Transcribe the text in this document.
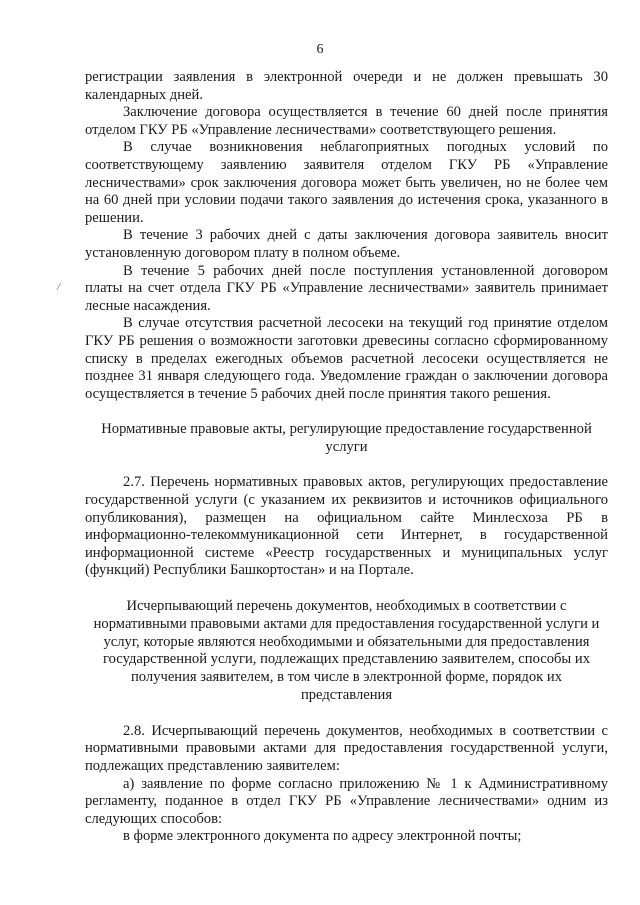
6
/

регистрации заявления в электронной очереди и не должен превышать 30 календарных дней.

Заключение договора осуществляется в течение 60 дней после принятия отделом ГКУ РБ «Управление лесничествами» соответствующего решения.

В случае возникновения неблагоприятных погодных условий по соответствующему заявлению заявителя отделом ГКУ РБ «Управление лесничествами» срок заключения договора может быть увеличен, но не более чем на 60 дней при условии подачи такого заявления до истечения срока, указанного в решении.

В течение 3 рабочих дней с даты заключения договора заявитель вносит установленную договором плату в полном объеме.

В течение 5 рабочих дней после поступления установленной договором платы на счет отдела ГКУ РБ «Управление лесничествами» заявитель принимает лесные насаждения.

В случае отсутствия расчетной лесосеки на текущий год принятие отделом ГКУ РБ решения о возможности заготовки древесины согласно сформированному списку в пределах ежегодных объемов расчетной лесосеки осуществляется не позднее 31 января следующего года. Уведомление граждан о заключении договора осуществляется в течение 5 рабочих дней после принятия такого решения.

Нормативные правовые акты, регулирующие предоставление государственной услуги

2.7. Перечень нормативных правовых актов, регулирующих предоставление государственной услуги (с указанием их реквизитов и источников официального опубликования), размещен на официальном сайте Минлесхоза РБ в информационно-телекоммуникационной сети Интернет, в государственной информационной системе «Реестр государственных и муниципальных услуг (функций) Республики Башкортостан» и на Портале.

Исчерпывающий перечень документов, необходимых в соответствии с нормативными правовыми актами для предоставления государственной услуги и услуг, которые являются необходимыми и обязательными для предоставления государственной услуги, подлежащих представлению заявителем, способы их получения заявителем, в том числе в электронной форме, порядок их представления

2.8. Исчерпывающий перечень документов, необходимых в соответствии с нормативными правовыми актами для предоставления государственной услуги, подлежащих представлению заявителем:

а) заявление по форме согласно приложению № 1 к Административному регламенту, поданное в отдел ГКУ РБ «Управление лесничествами» одним из следующих способов:

в форме электронного документа по адресу электронной почты;
